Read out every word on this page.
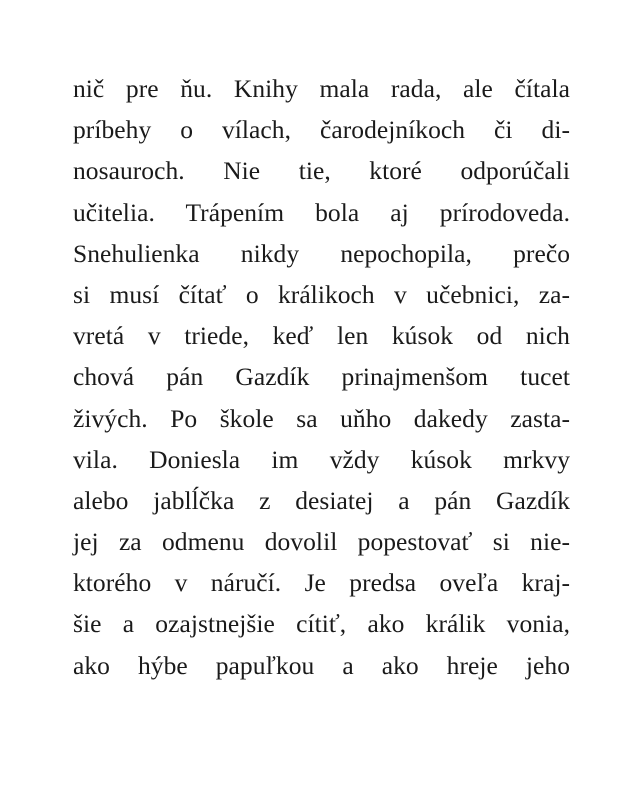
nič pre ňu. Knihy mala rada, ale čítala
príbehy o vílach, čarodejníkoch či di-
nosauroch. Nie tie, ktoré odporúčali
učitelia. Trápením bola aj prírodoveda.
Snehulienka nikdy nepochopila, prečo
si musí čítať o králikoch v učebnici, za-
vretá v triede, keď len kúsok od nich
chová pán Gazdík prinajmenšom tucet
živých. Po škole sa uňho dakedy zasta-
vila. Doniesla im vždy kúsok mrkvy
alebo jablĺčka z desiatej a pán Gazdík
jej za odmenu dovolil popestovať si nie-
ktorého v náručí. Je predsa oveľa kraj-
šie a ozajstnejšie cítiť, ako králik vonia,
ako hýbe papuľkou a ako hreje jeho
